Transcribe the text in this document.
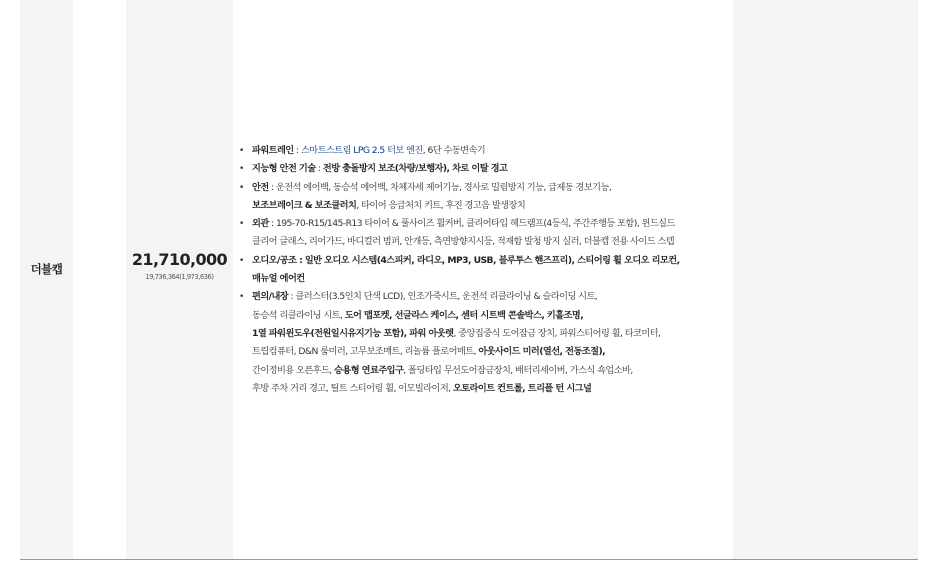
더블캡	21,710,000
19,736,364(1,973,636)
• 파워트레인 : 스마트스트림 LPG 2.5 터보 엔진, 6단 수동변속기
• 지능형 안전 기술 : 전방 충돌방지 보조(차량/보행자), 차로 이탈 경고
• 안전 : 운전석 에어백, 동승석 에어백, 차체자세 제어기능, 경사로 밀림방지 기능, 급제동 경보기능,
보조브레이크 & 보조클러치, 타이어 응급처치 키트, 후진 경고음 발생장치
• 외관 : 195-70-R15/145-R13 타이어 & 풀사이즈 휠커버, 클리어타입 헤드램프(4등식, 주간주행등 포함), 윈드실드
클리어 글래스, 리어가드, 바디컬러 범퍼, 안개등, 측면방향지시등, 적재함 발청 방지 실러, 더블캡 전용 사이드 스텝
• 오디오/공조 : 일반 오디오 시스템(4스피커, 라디오, MP3, USB, 블루투스 핸즈프리), 스티어링 휠 오디오 리모컨,
매뉴얼 에어컨
• 편의/내장 : 클러스터(3.5인치 단색 LCD), 인조가죽시트, 운전석 리클라이닝 & 슬라이딩 시트,
동승석 리클라이닝 시트, 도어 맵포켓, 선글라스 케이스, 센터 시트백 콘솔박스, 키홀조명,
1열 파워윈도우(전원일시유지기능 포함), 파워 아웃렛, 중앙집중식 도어잠금 장치, 파워스티어링 휠, 타코미터,
트립컴퓨터, D&N 룸미러, 고무보조매트, 리놀륨 플로어매트, 아웃사이드 미러(열선, 전동조절),
간이정비용 오픈후드, 승용형 연료주입구, 폴딩타입 무선도어잠금장치, 배터리세이버, 가스식 쇽업소바,
후방 주차 거리 경고, 틸트 스티어링 휠, 이모빌라이저, 오토라이트 컨트롤, 트리플 턴 시그널
